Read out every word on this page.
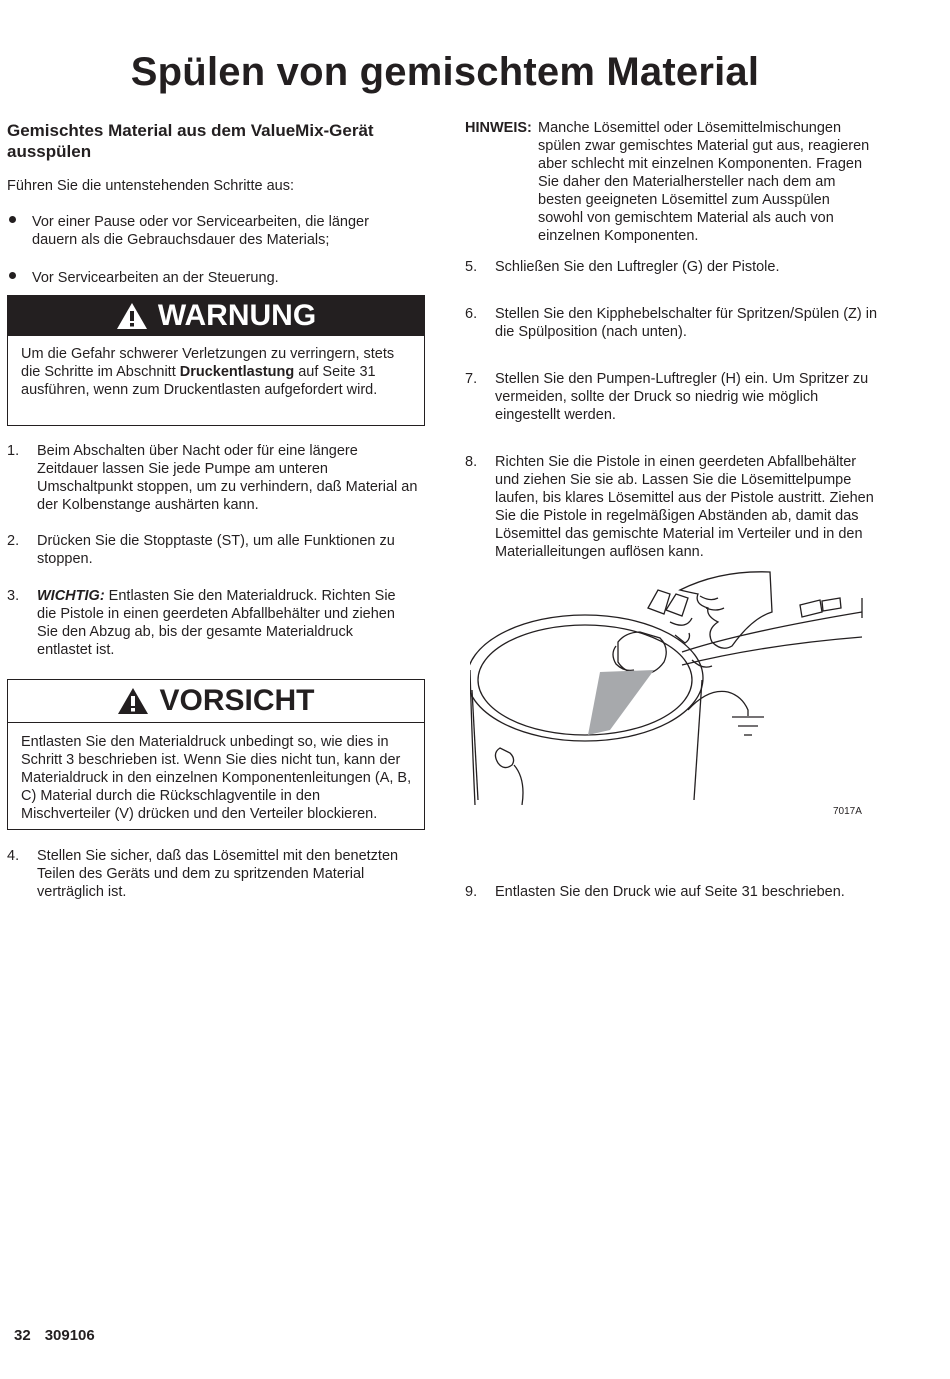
Spülen von gemischtem Material
Gemischtes Material aus dem ValueMix-Gerät ausspülen
Führen Sie die untenstehenden Schritte aus:
Vor einer Pause oder vor Servicearbeiten, die länger dauern als die Gebrauchsdauer des Materials;
Vor Servicearbeiten an der Steuerung.
WARNUNG
Um die Gefahr schwerer Verletzungen zu verringern, stets die Schritte im Abschnitt Druckentlastung auf Seite 31 ausführen, wenn zum Druckentlasten aufgefordert wird.
1. Beim Abschalten über Nacht oder für eine längere Zeitdauer lassen Sie jede Pumpe am unteren Umschaltpunkt stoppen, um zu verhindern, daß Material an der Kolbenstange aushärten kann.
2. Drücken Sie die Stopptaste (ST), um alle Funktionen zu stoppen.
3. WICHTIG: Entlasten Sie den Materialdruck. Richten Sie die Pistole in einen geerdeten Abfallbehälter und ziehen Sie den Abzug ab, bis der gesamte Materialdruck entlastet ist.
VORSICHT
Entlasten Sie den Materialdruck unbedingt so, wie dies in Schritt 3 beschrieben ist. Wenn Sie dies nicht tun, kann der Materialdruck in den einzelnen Komponentenleitungen (A, B, C) Material durch die Rückschlagventile in den Mischverteiler (V) drücken und den Verteiler blockieren.
4. Stellen Sie sicher, daß das Lösemittel mit den benetzten Teilen des Geräts und dem zu spritzenden Material verträglich ist.
HINWEIS: Manche Lösemittel oder Lösemittelmischungen spülen zwar gemischtes Material gut aus, reagieren aber schlecht mit einzelnen Komponenten. Fragen Sie daher den Materialhersteller nach dem am besten geeigneten Lösemittel zum Ausspülen sowohl von gemischtem Material als auch von einzelnen Komponenten.
5. Schließen Sie den Luftregler (G) der Pistole.
6. Stellen Sie den Kipphebelschalter für Spritzen/Spülen (Z) in die Spülposition (nach unten).
7. Stellen Sie den Pumpen-Luftregler (H) ein. Um Spritzer zu vermeiden, sollte der Druck so niedrig wie möglich eingestellt werden.
8. Richten Sie die Pistole in einen geerdeten Abfallbehälter und ziehen Sie sie ab. Lassen Sie die Lösemittelpumpe laufen, bis klares Lösemittel aus der Pistole austritt. Ziehen Sie die Pistole in regelmäßigen Abständen ab, damit das Lösemittel das gemischte Material im Verteiler und in den Materialleitungen auflösen kann.
7017A
9. Entlasten Sie den Druck wie auf Seite 31 beschrieben.
32 309106
